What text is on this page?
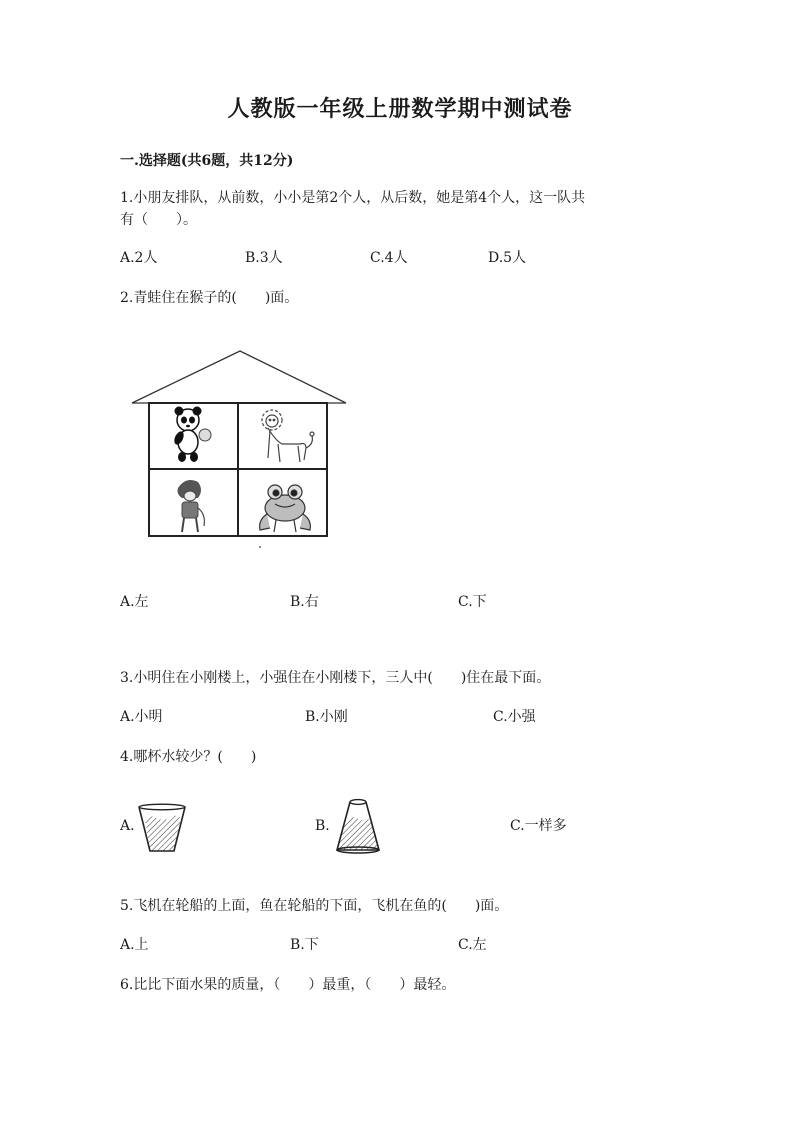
人教版一年级上册数学期中测试卷
一.选择题(共6题，共12分)
1.小朋友排队，从前数，小小是第2个人，从后数，她是第4个人，这一队共
有（　　）。
A.2人	B.3人	C.4人	D.5人
2.青蛙住在猴子的(　　)面。
A.左	B.右	C.下
3.小明住在小刚楼上，小强住在小刚楼下，三人中(　　)住在最下面。
A.小明	B.小刚	C.小强
4.哪杯水较少？(　　)
A.	B.	C.一样多
5.飞机在轮船的上面，鱼在轮船的下面，飞机在鱼的(　　)面。
A.上	B.下	C.左
6.比比下面水果的质量，（　　）最重，（　　）最轻。
